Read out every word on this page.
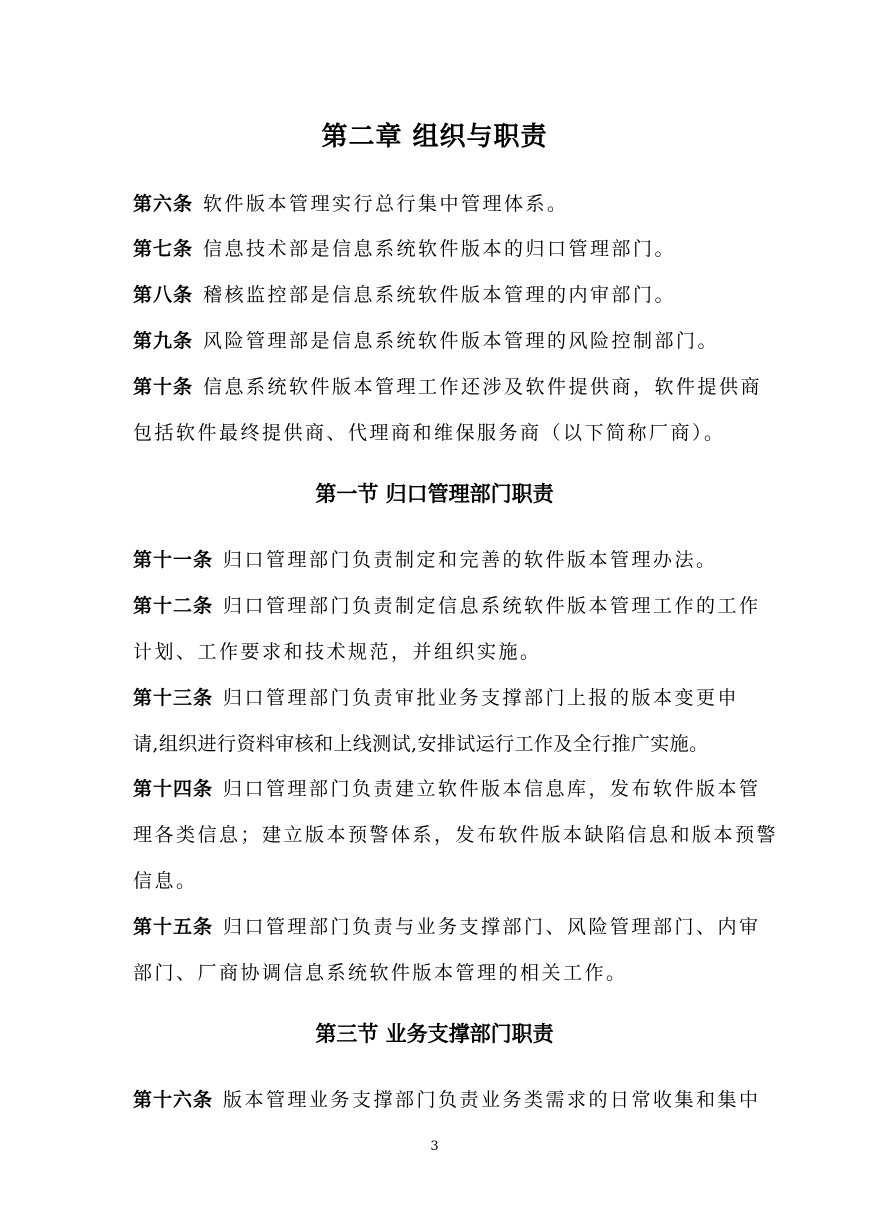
第二章 组织与职责
第六条 软件版本管理实行总行集中管理体系。
第七条 信息技术部是信息系统软件版本的归口管理部门。
第八条 稽核监控部是信息系统软件版本管理的内审部门。
第九条 风险管理部是信息系统软件版本管理的风险控制部门。
第十条 信息系统软件版本管理工作还涉及软件提供商，软件提供商
包括软件最终提供商、代理商和维保服务商（以下简称厂商）。
第一节 归口管理部门职责
第十一条 归口管理部门负责制定和完善的软件版本管理办法。
第十二条 归口管理部门负责制定信息系统软件版本管理工作的工作
计划、工作要求和技术规范，并组织实施。
第十三条 归口管理部门负责审批业务支撑部门上报的版本变更申
请,组织进行资料审核和上线测试,安排试运行工作及全行推广实施。
第十四条 归口管理部门负责建立软件版本信息库，发布软件版本管
理各类信息；建立版本预警体系，发布软件版本缺陷信息和版本预警
信息。
第十五条 归口管理部门负责与业务支撑部门、风险管理部门、内审
部门、厂商协调信息系统软件版本管理的相关工作。
第三节 业务支撑部门职责
第十六条 版本管理业务支撑部门负责业务类需求的日常收集和集中
3
